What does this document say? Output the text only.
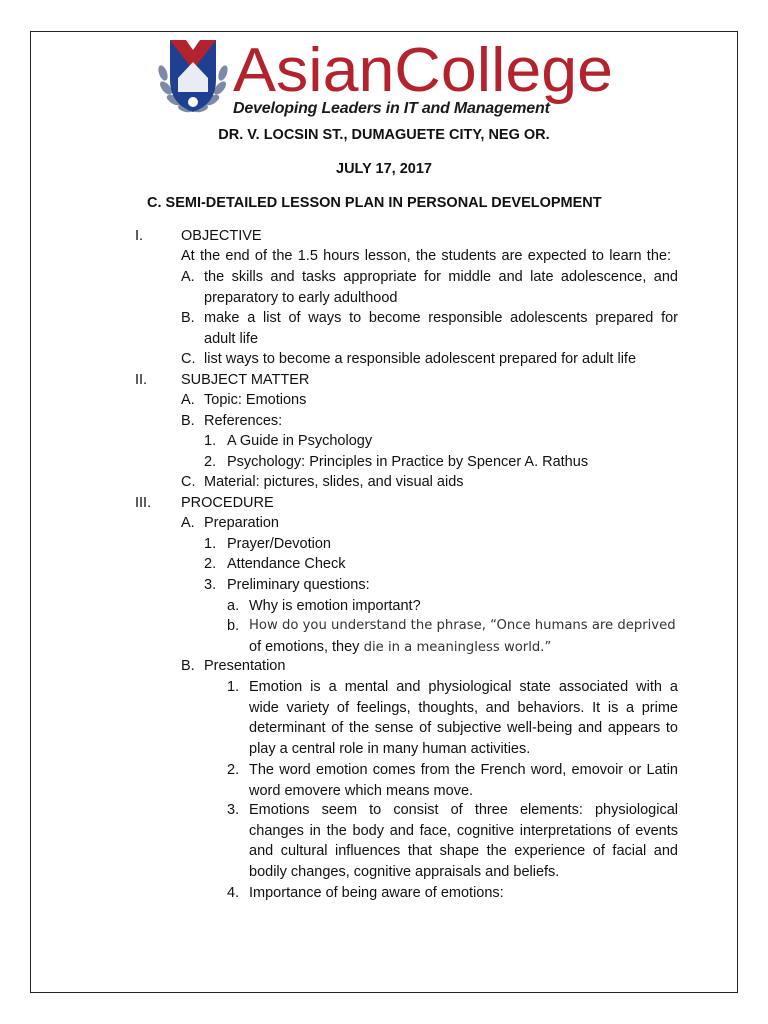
Asian College
Developing Leaders in IT and Management
DR. V. LOCSIN ST., DUMAGUETE CITY, NEG OR.
JULY 17, 2017
C. SEMI-DETAILED LESSON PLAN IN PERSONAL DEVELOPMENT
I.	OBJECTIVE
At the end of the 1.5 hours lesson, the students are expected to learn the:
A. the skills and tasks appropriate for middle and late adolescence, and
preparatory to early adulthood
B. make a list of ways to become responsible adolescents prepared for
adult life
C. list ways to become a responsible adolescent prepared for adult life
II. SUBJECT MATTER
A. Topic: Emotions
B. References:
1. A Guide in Psychology
2. Psychology: Principles in Practice by Spencer A. Rathus
C. Material: pictures, slides, and visual aids
III. PROCEDURE
A. Preparation
1. Prayer/Devotion
2. Attendance Check
3. Preliminary questions:
a. Why is emotion important?
b. How do you understand the phrase, “Once humans are deprived
of emotions, they die in a meaningless world.”
B. Presentation
1. Emotion is a mental and physiological state associated with a
wide variety of feelings, thoughts, and behaviors. It is a prime
determinant of the sense of subjective well-being and appears to
play a central role in many human activities.
2. The word emotion comes from the French word, emovoir or Latin
word emovere which means move.
3. Emotions seem to consist of three elements: physiological
changes in the body and face, cognitive interpretations of events
and cultural influences that shape the experience of facial and
bodily changes, cognitive appraisals and beliefs.
4. Importance of being aware of emotions:
